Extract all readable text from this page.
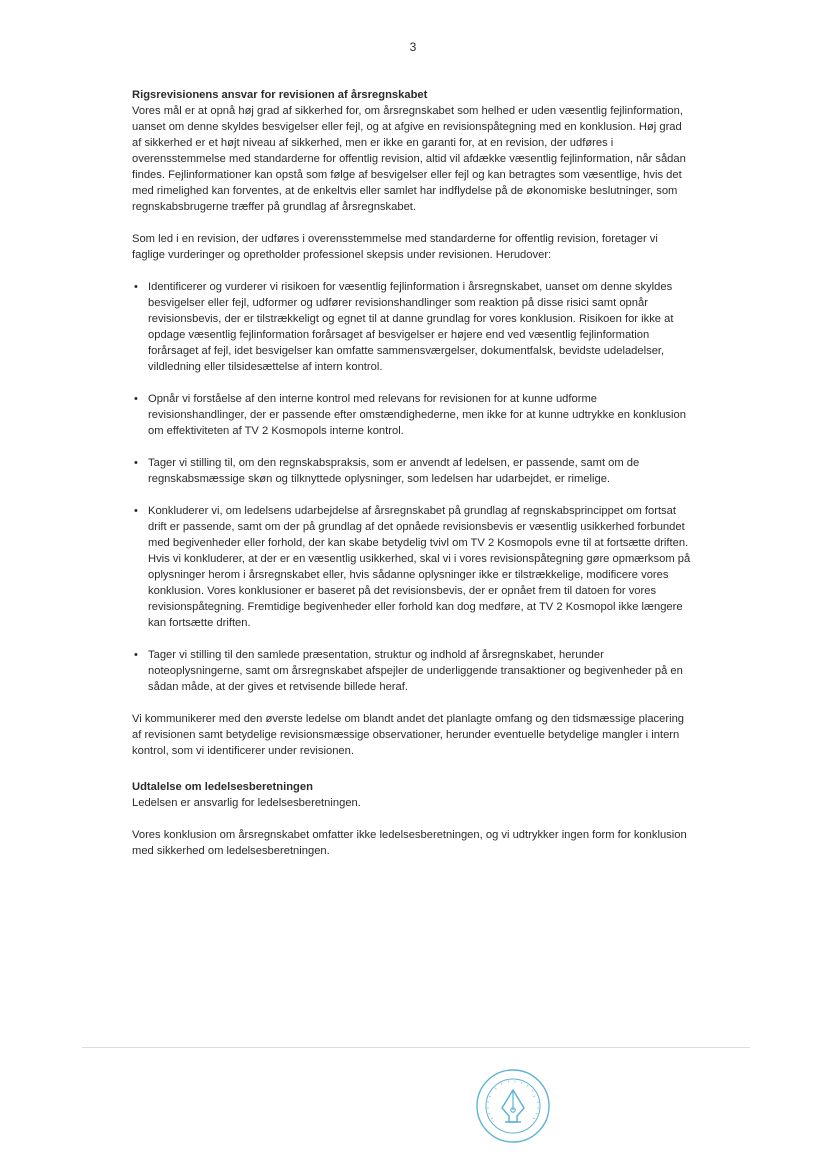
3

Rigsrevisionens ansvar for revisionen af årsregnskabet

Vores mål er at opnå høj grad af sikkerhed for, om årsregnskabet som helhed er uden væsentlig fejlinformation, uanset om denne skyldes besvigelser eller fejl, og at afgive en revisionspåtegning med en konklusion. Høj grad af sikkerhed er et højt niveau af sikkerhed, men er ikke en garanti for, at en revision, der udføres i overensstemmelse med standarderne for offentlig revision, altid vil afdække væsentlig fejlinformation, når sådan findes. Fejlinformationer kan opstå som følge af besvigelser eller fejl og kan betragtes som væsentlige, hvis det med rimelighed kan forventes, at de enkeltvis eller samlet har indflydelse på de økonomiske beslutninger, som regnskabsbrugerne træffer på grundlag af årsregnskabet.

Som led i en revision, der udføres i overensstemmelse med standarderne for offentlig revision, foretager vi faglige vurderinger og opretholder professionel skepsis under revisionen. Herudover:

• Identificerer og vurderer vi risikoen for væsentlig fejlinformation i årsregnskabet, uanset om denne skyldes besvigelser eller fejl, udformer og udfører revisionshandlinger som reaktion på disse risici samt opnår revisionsbevis, der er tilstrækkeligt og egnet til at danne grundlag for vores konklusion. Risikoen for ikke at opdage væsentlig fejlinformation forårsaget af besvigelser er højere end ved væsentlig fejlinformation forårsaget af fejl, idet besvigelser kan omfatte sammensværgelser, dokumentfalsk, bevidste udeladelser, vildledning eller tilsidesættelse af intern kontrol.
• Opnår vi forståelse af den interne kontrol med relevans for revisionen for at kunne udforme revisionshandlinger, der er passende efter omstændighederne, men ikke for at kunne udtrykke en konklusion om effektiviteten af TV 2 Kosmopols interne kontrol.
• Tager vi stilling til, om den regnskabspraksis, som er anvendt af ledelsen, er passende, samt om de regnskabsmæssige skøn og tilknyttede oplysninger, som ledelsen har udarbejdet, er rimelige.
• Konkluderer vi, om ledelsens udarbejdelse af årsregnskabet på grundlag af regnskabsprincippet om fortsat drift er passende, samt om der på grundlag af det opnåede revisionsbevis er væsentlig usikkerhed forbundet med begivenheder eller forhold, der kan skabe betydelig tvivl om TV 2 Kosmopols evne til at fortsætte driften. Hvis vi konkluderer, at der er en væsentlig usikkerhed, skal vi i vores revisionspåtegning gøre opmærksom på oplysninger herom i årsregnskabet eller, hvis sådanne oplysninger ikke er tilstrækkelige, modificere vores konklusion. Vores konklusioner er baseret på det revisionsbevis, der er opnået frem til datoen for vores revisionspåtegning. Fremtidige begivenheder eller forhold kan dog medføre, at TV 2 Kosmopol ikke længere kan fortsætte driften.
• Tager vi stilling til den samlede præsentation, struktur og indhold af årsregnskabet, herunder noteoplysningerne, samt om årsregnskabet afspejler de underliggende transaktioner og begivenheder på en sådan måde, at der gives et retvisende billede heraf.

Vi kommunikerer med den øverste ledelse om blandt andet det planlagte omfang og den tidsmæssige placering af revisionen samt betydelige revisionsmæssige observationer, herunder eventuelle betydelige mangler i intern kontrol, som vi identificerer under revisionen.

Udtalelse om ledelsesberetningen

Ledelsen er ansvarlig for ledelsesberetningen.

Vores konklusion om årsregnskabet omfatter ikke ledelsesberetningen, og vi udtrykker ingen form for konklusion med sikkerhed om ledelsesberetningen.
